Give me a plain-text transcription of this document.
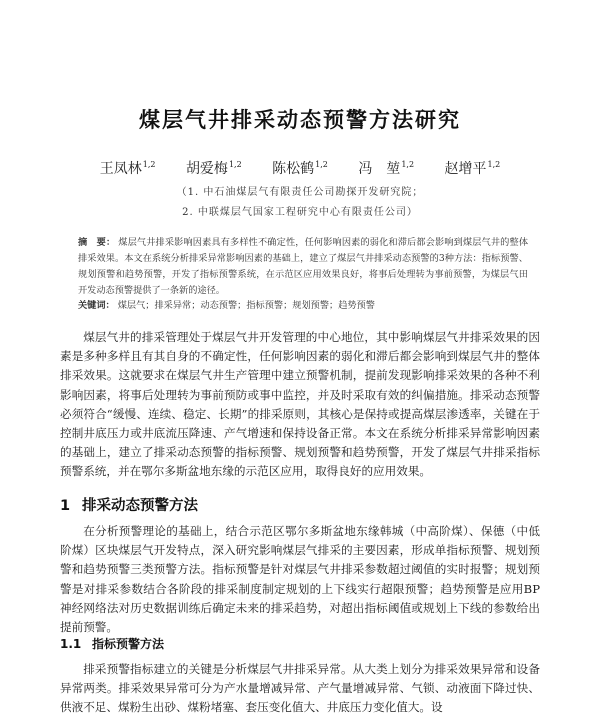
煤层气井排采动态预警方法研究
王凤林$^{1,2}$ 胡爱梅$^{1,2}$ 陈松鹤$^{1,2}$ 冯　堃$^{1,2}$ 赵增平$^{1,2}$
（1. 中石油煤层气有限责任公司勘探开发研究院；
2. 中联煤层气国家工程研究中心有限责任公司）
摘　要： 煤层气井排采影响因素具有多样性不确定性，任何影响因素的弱化和滞后都会影响到煤层气井的整体排采效果。本文在系统分析排采异常影响因素的基础上，建立了煤层气井排采动态预警的3种方法：指标预警、规划预警和趋势预警，开发了指标预警系统，在示范区应用效果良好，将事后处理转为事前预警，为煤层气田开发动态预警提供了一条新的途径。
关键词： 煤层气；排采异常；动态预警；指标预警；规划预警；趋势预警
煤层气井的排采管理处于煤层气井开发管理的中心地位，其中影响煤层气井排采效果的因素是多种多样且有其自身的不确定性，任何影响因素的弱化和滞后都会影响到煤层气井的整体排采效果。这就要求在煤层气井生产管理中建立预警机制，提前发现影响排采效果的各种不利影响因素，将事后处理转为事前预防或事中监控，并及时采取有效的纠偏措施。排采动态预警必须符合“缓慢、连续、稳定、长期”的排采原则，其核心是保持或提高煤层渗透率，关键在于控制井底压力或井底流压降速、产气增速和保持设备正常。本文在系统分析排采异常影响因素的基础上，建立了排采动态预警的指标预警、规划预警和趋势预警，开发了煤层气井排采指标预警系统，并在鄂尔多斯盆地东缘的示范区应用，取得良好的应用效果。
1 排采动态预警方法
在分析预警理论的基础上，结合示范区鄂尔多斯盆地东缘韩城（中高阶煤）、保德（中低阶煤）区块煤层气开发特点，深入研究影响煤层气排采的主要因素，形成单指标预警、规划预警和趋势预警三类预警方法。指标预警是针对煤层气井排采参数超过阈值的实时报警；规划预警是对排采参数结合各阶段的排采制度制定规划的上下线实行超限预警；趋势预警是应用BP神经网络法对历史数据训练后确定未来的排采趋势，对超出指标阈值或规划上下线的参数给出提前预警。
1.1 指标预警方法
排采预警指标建立的关键是分析煤层气井排采异常。从大类上划分为排采效果异常和设备异常两类。排采效果异常可分为产水量增减异常、产气量增减异常、气锁、动液面下降过快、供液不足、煤粉生出砂、煤粉堵塞、套压变化值大、井底压力变化值大。设
